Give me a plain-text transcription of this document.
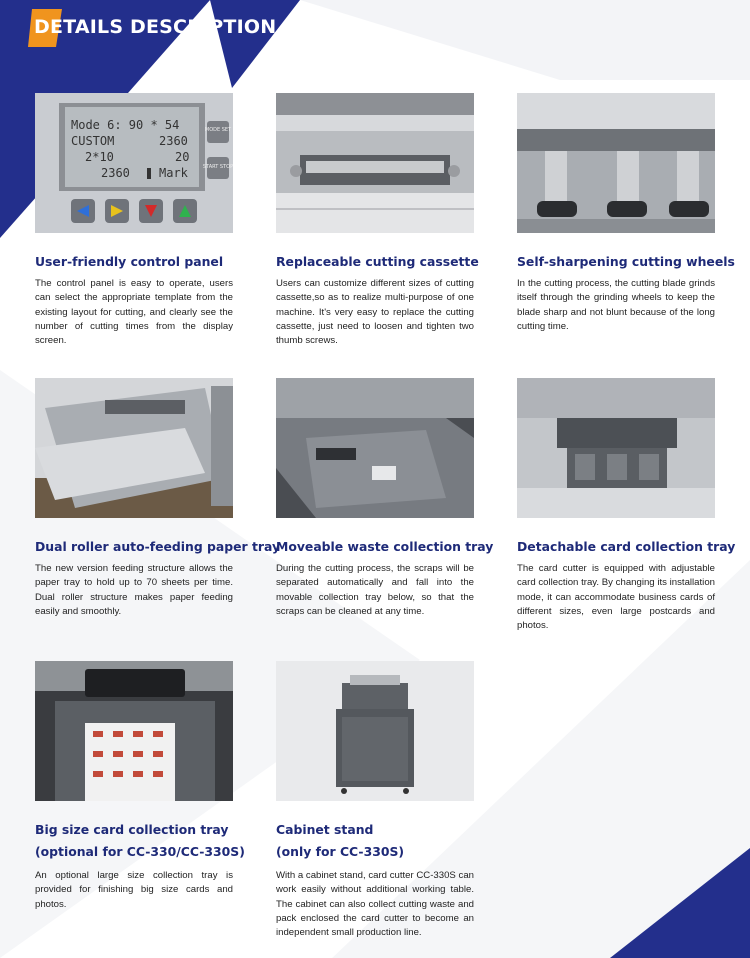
DETAILS DESCRIPTION
Mode 6: 90 * 54
CUSTOM	2360
2*10	20
2360 Mark
MODE SET
START STOP
User-friendly control panel
The control panel is easy to operate, users can select the appropriate template from the existing layout for cutting, and clearly see the number of cutting times from the display screen.
Replaceable cutting cassette
Users can customize different sizes of cutting cassette,so as to realize multi-purpose of one machine. It's very easy to replace the cutting cassette, just need to loosen and tighten two thumb screws.
Self-sharpening cutting wheels
In the cutting process, the cutting blade grinds itself through the grinding wheels to keep the blade sharp and not blunt because of the long cutting time.
Dual roller auto-feeding paper tray
The new version feeding structure allows the paper tray to hold up to 70 sheets per time. Dual roller structure makes paper feeding easily and smoothly.
Moveable waste collection tray
During the cutting process, the scraps will be separated automatically and fall into the movable collection tray below, so that the scraps can be cleaned at any time.
Detachable card collection tray
The card cutter is equipped with adjustable card collection tray. By changing its installation mode, it can accommodate business cards of different sizes, even large postcards and photos.
Big size card collection tray
(optional for CC-330/CC-330S)
An optional large size collection tray is provided for finishing big size cards and photos.
Cabinet stand
(only for CC-330S)
With a cabinet stand, card cutter CC-330S can work easily without additional working table. The cabinet can also collect cutting waste and pack enclosed the card cutter to become an independent small production line.
